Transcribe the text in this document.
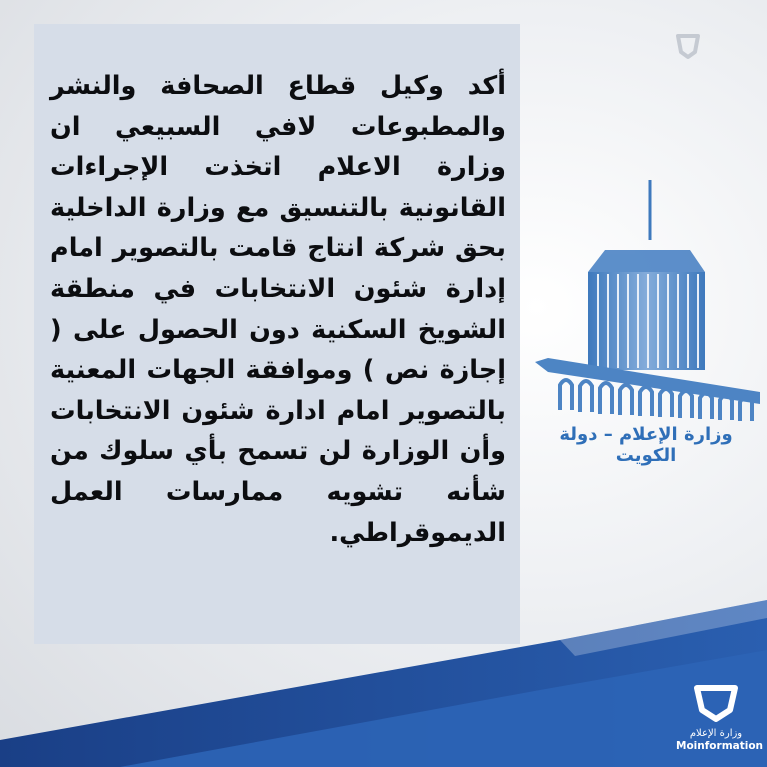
أكد وكيل قطاع الصحافة والنشر والمطبوعات لافي السبيعي ان وزارة الاعلام اتخذت الإجراءات القانونية بالتنسيق مع وزارة الداخلية بحق شركة انتاج قامت بالتصوير امام إدارة شئون الانتخابات في منطقة الشويخ السكنية دون الحصول على ( إجازة نص ) وموافقة الجهات المعنية بالتصوير امام ادارة شئون الانتخابات وأن الوزارة لن تسمح بأي سلوك من شأنه تشويه ممارسات العمل الديموقراطي.

وزارة الإعلام – دولة الكويت
وزارة الإعلام
Moinformation
